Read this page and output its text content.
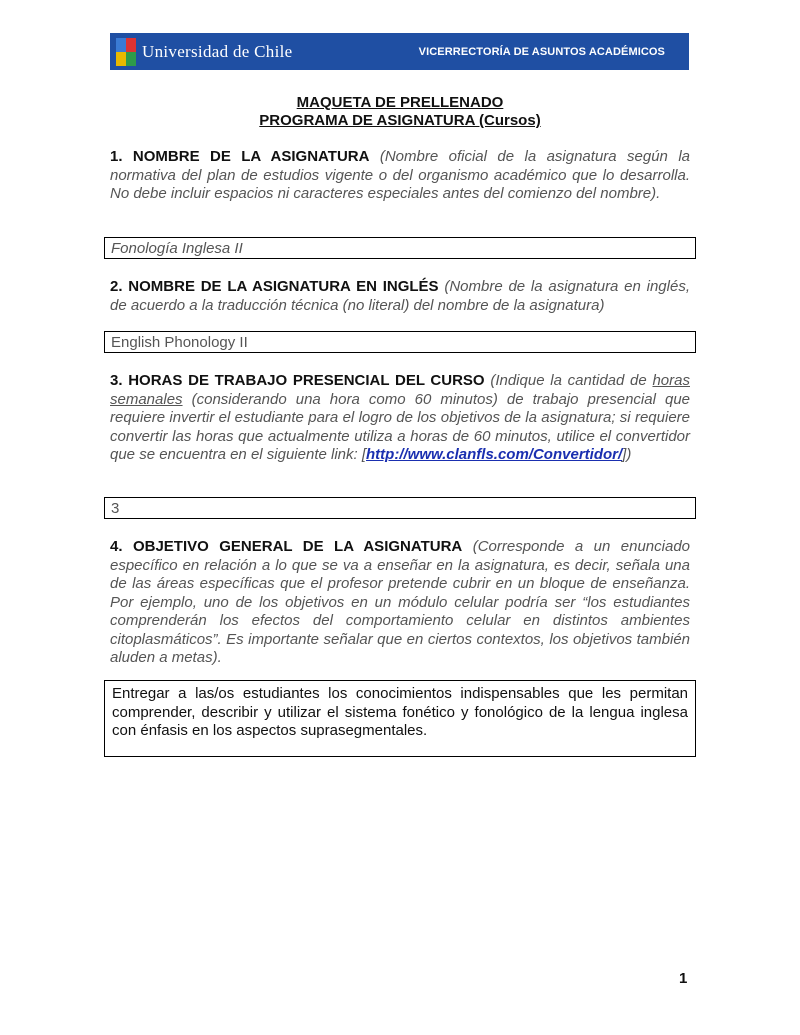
Universidad de Chile	VICERRECTORÍA DE ASUNTOS ACADÉMICOS
MAQUETA DE PRELLENADO
PROGRAMA DE ASIGNATURA (Cursos)
1. NOMBRE DE LA ASIGNATURA (Nombre oficial de la asignatura según la normativa del plan de estudios vigente o del organismo académico que lo desarrolla. No debe incluir espacios ni caracteres especiales antes del comienzo del nombre).
Fonología Inglesa II
2. NOMBRE DE LA ASIGNATURA EN INGLÉS (Nombre de la asignatura en inglés, de acuerdo a la traducción técnica (no literal) del nombre de la asignatura)
English Phonology II
3. HORAS DE TRABAJO PRESENCIAL DEL CURSO (Indique la cantidad de horas semanales (considerando una hora como 60 minutos) de trabajo presencial que requiere invertir el estudiante para el logro de los objetivos de la asignatura; si requiere convertir las horas que actualmente utiliza a horas de 60 minutos, utilice el convertidor que se encuentra en el siguiente link: [http://www.clanfls.com/Convertidor/])
3
4. OBJETIVO GENERAL DE LA ASIGNATURA (Corresponde a un enunciado específico en relación a lo que se va a enseñar en la asignatura, es decir, señala una de las áreas específicas que el profesor pretende cubrir en un bloque de enseñanza. Por ejemplo, uno de los objetivos en un módulo celular podría ser “los estudiantes comprenderán los efectos del comportamiento celular en distintos ambientes citoplasmáticos”. Es importante señalar que en ciertos contextos, los objetivos también aluden a metas).
Entregar a las/os estudiantes los conocimientos indispensables que les permitan comprender, describir y utilizar el sistema fonético y fonológico de la lengua inglesa con énfasis en los aspectos suprasegmentales.
1
